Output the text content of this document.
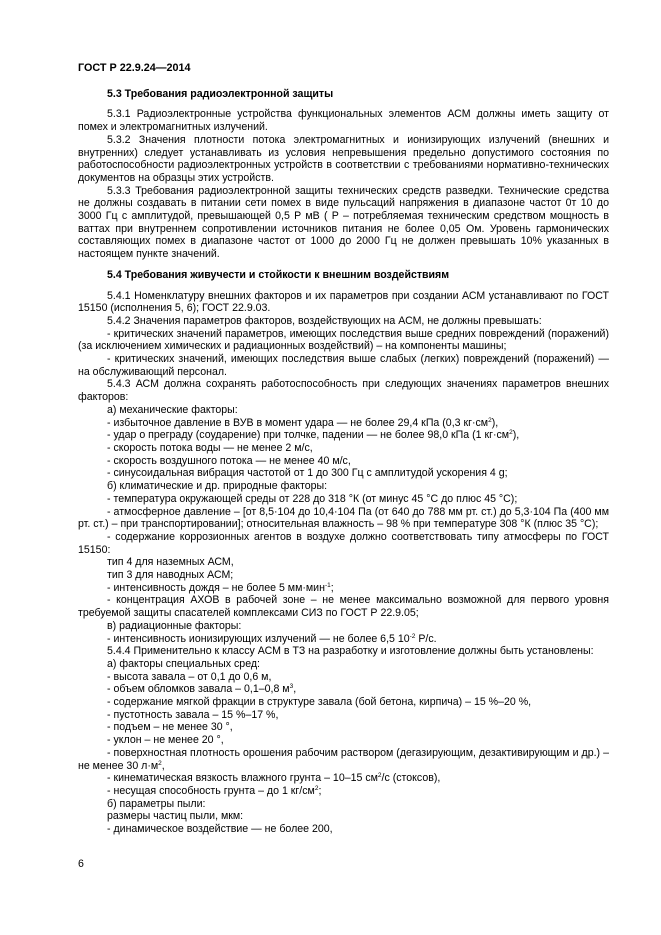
ГОСТ Р 22.9.24—2014
5.3 Требования радиоэлектронной защиты

5.3.1 Радиоэлектронные устройства функциональных элементов АСМ должны иметь защиту от помех и электромагнитных излучений.

5.3.2 Значения плотности потока электромагнитных и ионизирующих излучений (внешних и внутренних) следует устанавливать из условия непревышения предельно допустимого состояния по работоспособности радиоэлектронных устройств в соответствии с требованиями нормативно-технических документов на образцы этих устройств.

5.3.3 Требования радиоэлектронной защиты технических средств разведки. Технические средства не должны создавать в питании сети помех в виде пульсаций напряжения в диапазоне частот 0т 10 до 3000 Гц с амплитудой, превышающей 0,5 Р мВ ( Р – потребляемая техническим средством мощность в ваттах при внутреннем сопротивлении источников питания не более 0,05 Ом. Уровень гармонических составляющих помех в диапазоне частот от 1000 до 2000 Гц не должен превышать 10% указанных в настоящем пункте значений.

5.4 Требования живучести и стойкости к внешним воздействиям

5.4.1 Номенклатуру внешних факторов и их параметров при создании АСМ устанавливают по ГОСТ 15150 (исполнения 5, 6); ГОСТ 22.9.03.

5.4.2 Значения параметров факторов, воздействующих на АСМ, не должны превышать:

- критических значений параметров, имеющих последствия выше средних повреждений (поражений) (за исключением химических и радиационных воздействий) – на компоненты машины;

- критических значений, имеющих последствия выше слабых (легких) повреждений (поражений) — на обслуживающий персонал.

5.4.3 АСМ должна сохранять работоспособность при следующих значениях параметров внешних факторов:

а) механические факторы:

- избыточное давление в ВУВ в момент удара — не более 29,4 кПа (0,3 $кг\cdot см^2$),

- удар о преграду (соударение) при толчке, падении — не более 98,0 кПа (1 $кг\cdot см^2$),

- скорость потока воды — не менее 2 м/с,

- скорость воздушного потока — не менее 40 м/с,

- синусоидальная вибрация частотой от 1 до 300 Гц с амплитудой ускорения 4 g;

б) климатические и др. природные факторы:

- температура окружающей среды от 228 до 318 °К (от минус 45 °С до плюс 45 °С);

- атмосферное давление – [от 8,5·104 до 10,4·104 Па (от 640 до 788 мм рт. ст.) до 5,3·104 Па (400 мм рт. ст.) – при транспортировании]; относительная влажность – 98 % при температуре 308 °К (плюс 35 °С);

- содержание коррозионных агентов в воздухе должно соответствовать типу атмосферы по ГОСТ 15150:

тип 4 для наземных АСМ,

тип 3 для наводных АСМ;

- интенсивность дождя – не более 5 мм·мин$^{-1}$;

- концентрация АХОВ в рабочей зоне – не менее максимально возможной для первого уровня требуемой защиты спасателей комплексами СИЗ по ГОСТ Р 22.9.05;

в) радиационные факторы:

- интенсивность ионизирующих излучений — не более 6,5 $10^{-2}$ Р/с.

5.4.4 Применительно к классу АСМ в ТЗ на разработку и изготовление должны быть установлены:

а) факторы специальных сред:

- высота завала – от 0,1 до 0,6 м,

- объем обломков завала – 0,1–0,8 $м^3$,

- содержание мягкой фракции в структуре завала (бой бетона, кирпича) – 15 %–20 %,

- пустотность завала – 15 %–17 %,

- подъем – не менее 30 °,

- уклон – не менее 20 °,

- поверхностная плотность орошения рабочим раствором (дегазирующим, дезактивирующим и др.) – не менее 30 $л\cdot м^2$,

- кинематическая вязкость влажного грунта – 10–15 $см^2/с$ (стоксов),

- несущая способность грунта – до 1 $кг/см^2$;

б) параметры пыли:

размеры частиц пыли, мкм:

- динамическое воздействие — не более 200,

6
